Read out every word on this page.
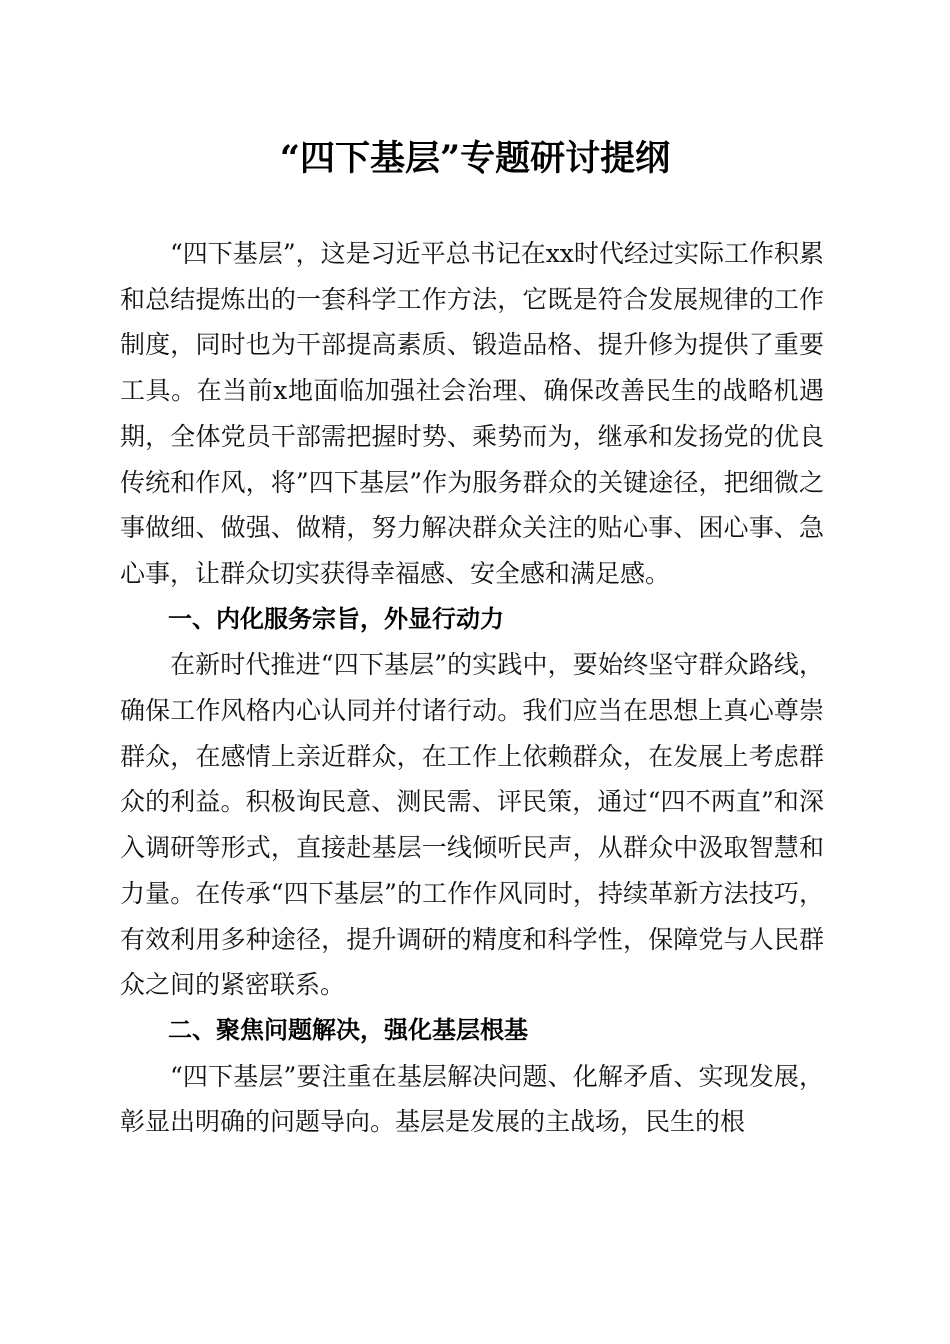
“四下基层”专题研讨提纲

“四下基层”，这是习近平总书记在xx时代经过实际工作积累和总结提炼出的一套科学工作方法，它既是符合发展规律的工作制度，同时也为干部提高素质、锻造品格、提升修为提供了重要工具。在当前x地面临加强社会治理、确保改善民生的战略机遇期，全体党员干部需把握时势、乘势而为，继承和发扬党的优良传统和作风，将”四下基层”作为服务群众的关键途径，把细微之事做细、做强、做精，努力解决群众关注的贴心事、困心事、急心事，让群众切实获得幸福感、安全感和满足感。

一、内化服务宗旨，外显行动力

在新时代推进“四下基层”的实践中，要始终坚守群众路线，确保工作风格内心认同并付诸行动。我们应当在思想上真心尊崇群众，在感情上亲近群众，在工作上依赖群众，在发展上考虑群众的利益。积极询民意、测民需、评民策，通过“四不两直”和深入调研等形式，直接赴基层一线倾听民声，从群众中汲取智慧和力量。在传承“四下基层”的工作作风同时，持续革新方法技巧，有效利用多种途径，提升调研的精度和科学性，保障党与人民群众之间的紧密联系。

二、聚焦问题解决，强化基层根基

“四下基层”要注重在基层解决问题、化解矛盾、实现发展，彰显出明确的问题导向。基层是发展的主战场，民生的根
